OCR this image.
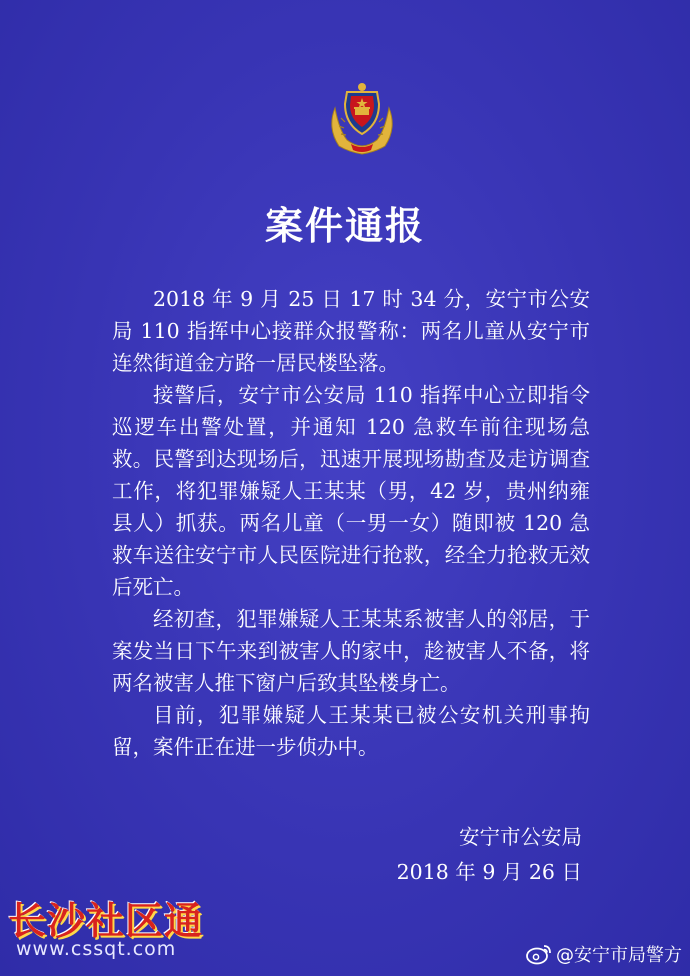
案件通报

2018 年 9 月 25 日 17 时 34 分，安宁市公安局 110 指挥中心接群众报警称：两名儿童从安宁市连然街道金方路一居民楼坠落。

接警后，安宁市公安局 110 指挥中心立即指令巡逻车出警处置，并通知 120 急救车前往现场急救。民警到达现场后，迅速开展现场勘查及走访调查工作，将犯罪嫌疑人王某某（男，42 岁，贵州纳雍县人）抓获。两名儿童（一男一女）随即被 120 急救车送往安宁市人民医院进行抢救，经全力抢救无效后死亡。

经初查，犯罪嫌疑人王某某系被害人的邻居，于案发当日下午来到被害人的家中，趁被害人不备，将两名被害人推下窗户后致其坠楼身亡。

目前，犯罪嫌疑人王某某已被公安机关刑事拘留，案件正在进一步侦办中。

安宁市公安局
2018 年 9 月 26 日
长沙社区通
www.cssqt.com	@安宁市局警方
